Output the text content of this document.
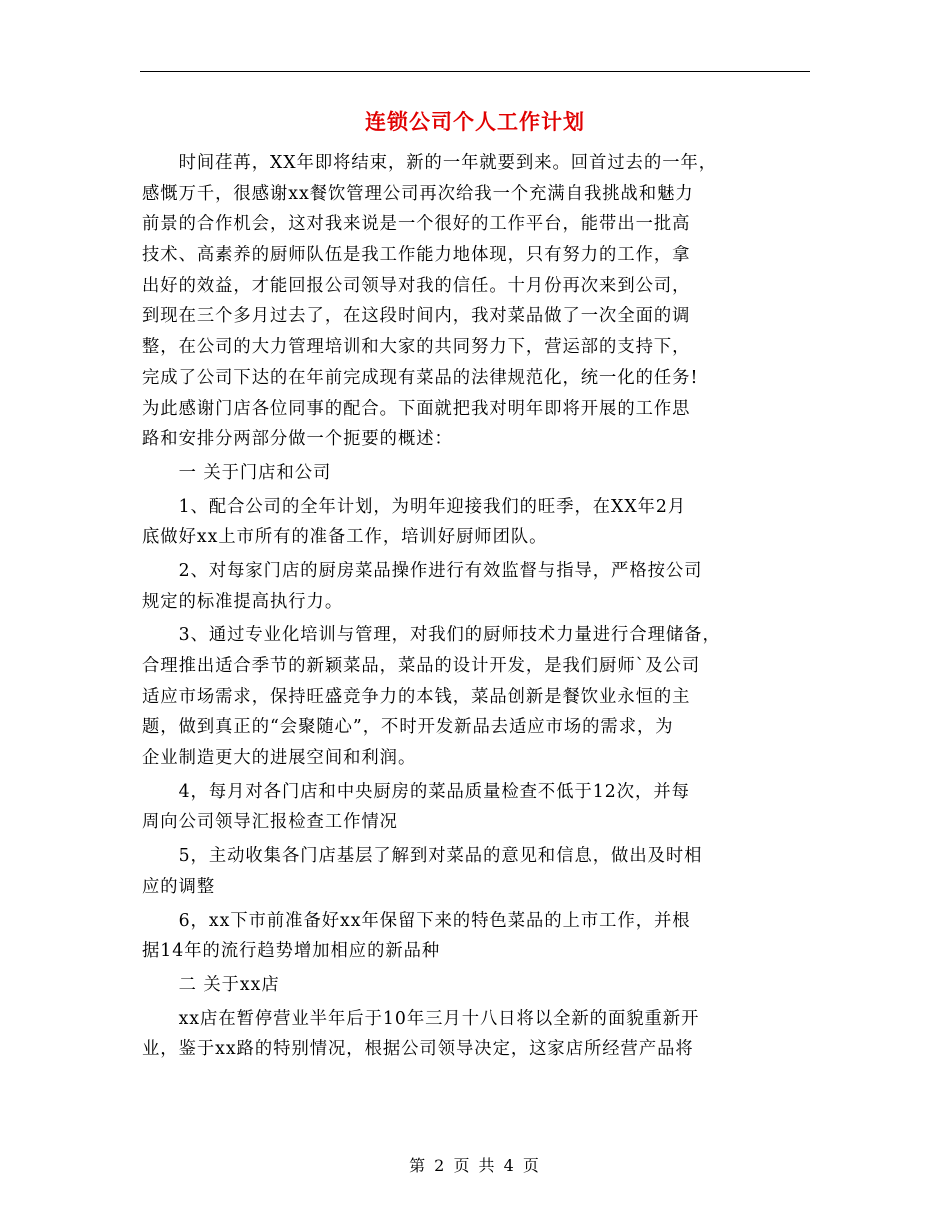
连锁公司个人工作计划
　　时间荏苒，XX年即将结束，新的一年就要到来。回首过去的一年，
感慨万千，很感谢xx餐饮管理公司再次给我一个充满自我挑战和魅力
前景的合作机会，这对我来说是一个很好的工作平台，能带出一批高
技术、高素养的厨师队伍是我工作能力地体现，只有努力的工作，拿
出好的效益，才能回报公司领导对我的信任。十月份再次来到公司，
到现在三个多月过去了，在这段时间内，我对菜品做了一次全面的调
整，在公司的大力管理培训和大家的共同努力下，营运部的支持下，
完成了公司下达的在年前完成现有菜品的法律规范化，统一化的任务!
为此感谢门店各位同事的配合。下面就把我对明年即将开展的工作思
路和安排分两部分做一个扼要的概述：
　　一 关于门店和公司
　　1、配合公司的全年计划，为明年迎接我们的旺季，在XX年2月
底做好xx上市所有的准备工作，培训好厨师团队。
　　2、对每家门店的厨房菜品操作进行有效监督与指导，严格按公司
规定的标准提高执行力。
　　3、通过专业化培训与管理，对我们的厨师技术力量进行合理储备，
合理推出适合季节的新颖菜品，菜品的设计开发，是我们厨师`及公司
适应市场需求，保持旺盛竞争力的本钱，菜品创新是餐饮业永恒的主
题，做到真正的“会聚随心”，不时开发新品去适应市场的需求，为
企业制造更大的进展空间和利润。
　　4，每月对各门店和中央厨房的菜品质量检查不低于12次，并每
周向公司领导汇报检查工作情况
　　5，主动收集各门店基层了解到对菜品的意见和信息，做出及时相
应的调整
　　6，xx下市前准备好xx年保留下来的特色菜品的上市工作，并根
据14年的流行趋势增加相应的新品种
　　二 关于xx店
　　xx店在暂停营业半年后于10年三月十八日将以全新的面貌重新开
业，鉴于xx路的特别情况，根据公司领导决定，这家店所经营产品将
第 2 页 共 4 页
